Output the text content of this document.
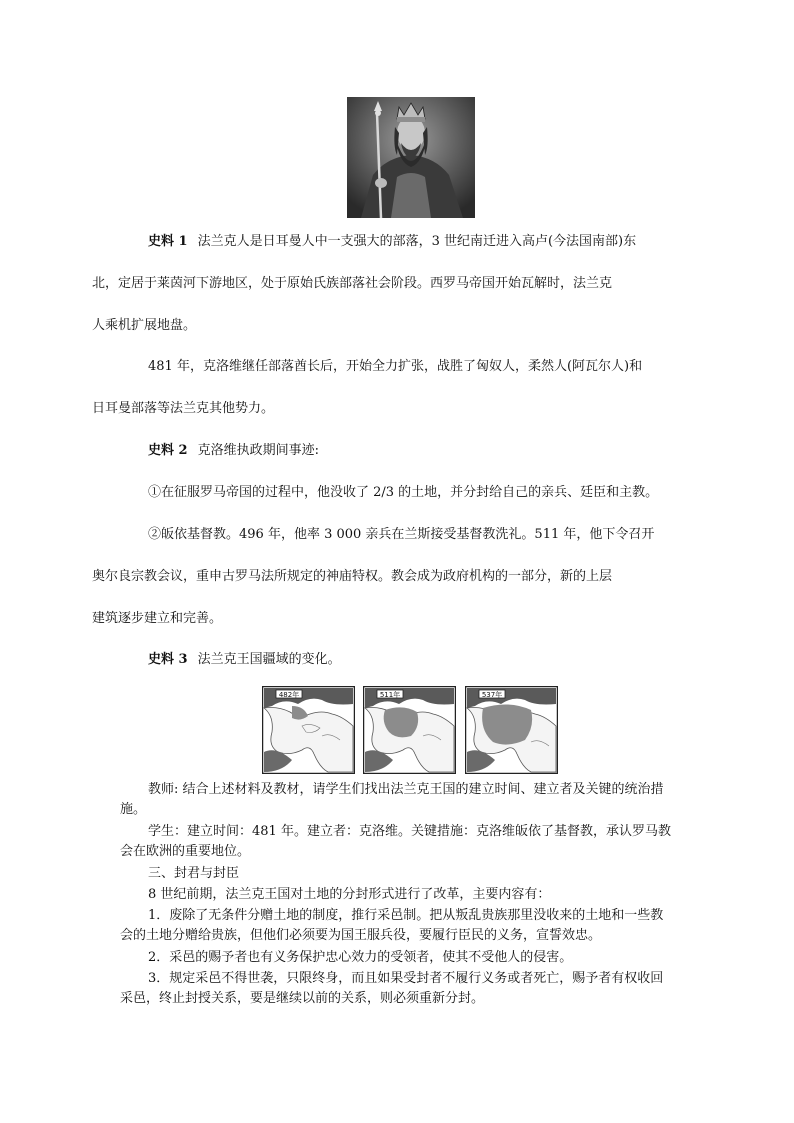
史料 1 法兰克人是日耳曼人中一支强大的部落，3 世纪南迁进入高卢(今法国南部)东
北，定居于莱茵河下游地区，处于原始氏族部落社会阶段。西罗马帝国开始瓦解时，法兰克
人乘机扩展地盘。

481 年，克洛维继任部落酋长后，开始全力扩张，战胜了匈奴人，柔然人(阿瓦尔人)和
日耳曼部落等法兰克其他势力。

史料 2 克洛维执政期间事迹:

①在征服罗马帝国的过程中，他没收了 2/3 的土地，并分封给自己的亲兵、廷臣和主教。

②皈依基督教。496 年，他率 3 000 亲兵在兰斯接受基督教洗礼。511 年，他下令召开
奥尔良宗教会议，重申古罗马法所规定的神庙特权。教会成为政府机构的一部分，新的上层
建筑逐步建立和完善。

史料 3 法兰克王国疆域的变化。

482年	511年	537年

教师: 结合上述材料及教材，请学生们找出法兰克王国的建立时间、建立者及关键的统治措施。

学生：建立时间：481 年。建立者：克洛维。关键措施：克洛维皈依了基督教，承认罗马教会在欧洲的重要地位。

三、封君与封臣

8 世纪前期，法兰克王国对土地的分封形式进行了改革，主要内容有：

1．废除了无条件分赠土地的制度，推行采邑制。把从叛乱贵族那里没收来的土地和一些教会的土地分赠给贵族，但他们必须要为国王服兵役，要履行臣民的义务，宣誓效忠。

2．采邑的赐予者也有义务保护忠心效力的受领者，使其不受他人的侵害。

3．规定采邑不得世袭，只限终身，而且如果受封者不履行义务或者死亡，赐予者有权收回采邑，终止封授关系，要是继续以前的关系，则必须重新分封。
